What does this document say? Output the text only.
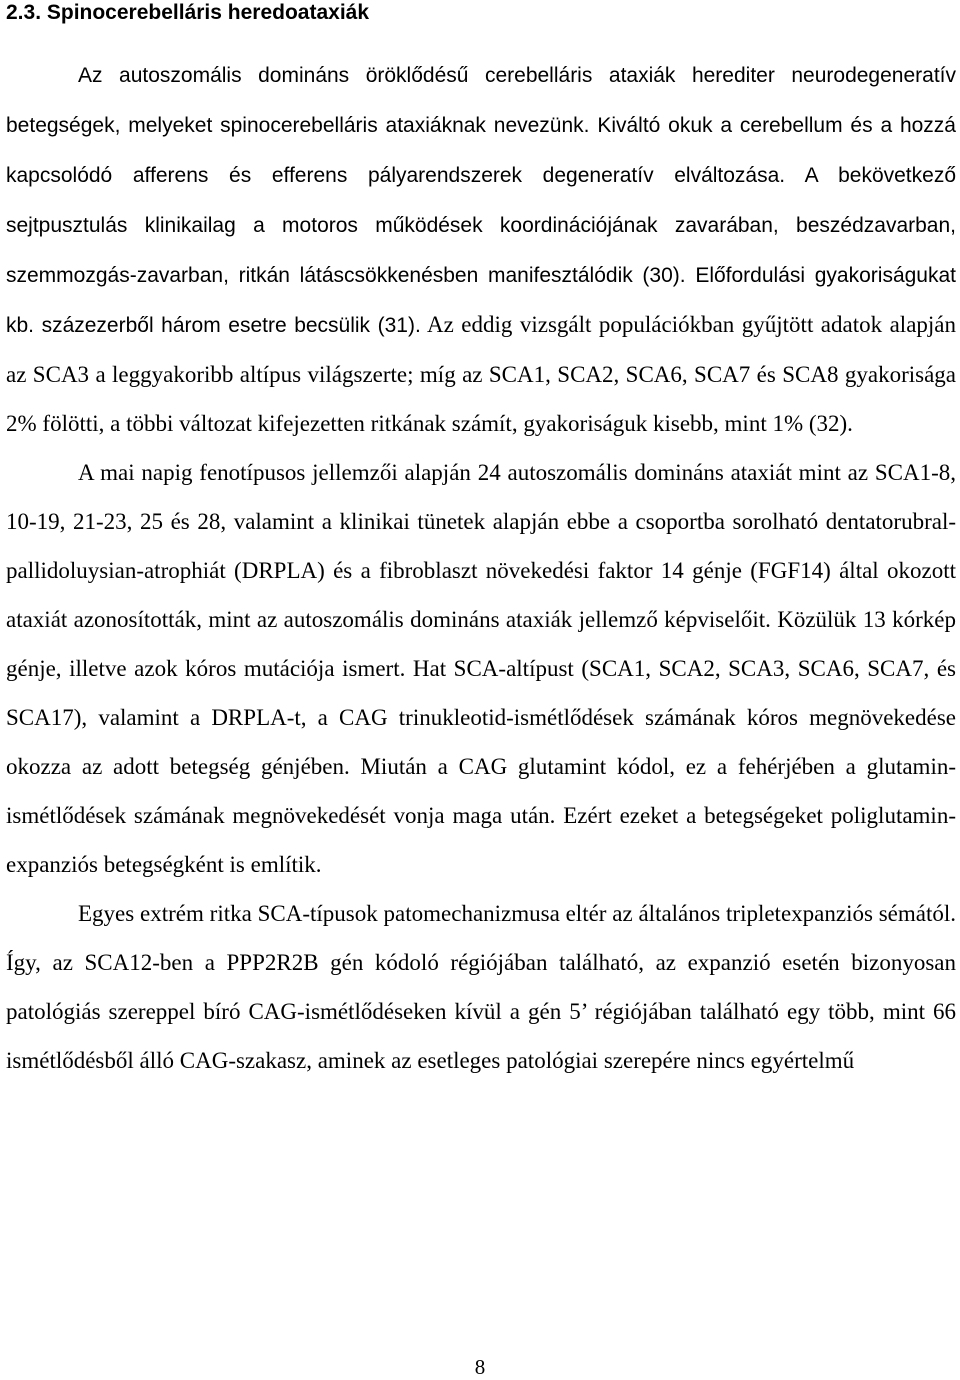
2.3. Spinocerebelláris heredoataxiák

Az autoszomális domináns öröklődésű cerebelláris ataxiák herediter neurodegeneratív betegségek, melyeket spinocerebelláris ataxiáknak nevezünk. Kiváltó okuk a cerebellum és a hozzá kapcsolódó afferens és efferens pályarendszerek degeneratív elváltozása. A bekövetkező sejtpusztulás klinikailag a motoros működések koordinációjának zavarában, beszédzavarban, szemmozgás-zavarban, ritkán látáscsökkenésben manifesztálódik (30). Előfordulási gyakoriságukat kb. százezerből három esetre becsülik (31). Az eddig vizsgált populációkban gyűjtött adatok alapján az SCA3 a leggyakoribb altípus világszerte; míg az SCA1, SCA2, SCA6, SCA7 és SCA8 gyakorisága 2% fölötti, a többi változat kifejezetten ritkának számít, gyakoriságuk kisebb, mint 1% (32).

A mai napig fenotípusos jellemzői alapján 24 autoszomális domináns ataxiát mint az SCA1-8, 10-19, 21-23, 25 és 28, valamint a klinikai tünetek alapján ebbe a csoportba sorolható dentatorubral-pallidoluysian-atrophiát (DRPLA) és a fibroblaszt növekedési faktor 14 génje (FGF14) által okozott ataxiát azonosították, mint az autoszomális domináns ataxiák jellemző képviselőit. Közülük 13 kórkép génje, illetve azok kóros mutációja ismert. Hat SCA-altípust (SCA1, SCA2, SCA3, SCA6, SCA7, és SCA17), valamint a DRPLA-t, a CAG trinukleotid-ismétlődések számának kóros megnövekedése okozza az adott betegség génjében. Miután a CAG glutamint kódol, ez a fehérjében a glutamin-ismétlődések számának megnövekedését vonja maga után. Ezért ezeket a betegségeket poliglutamin-expanziós betegségként is említik.

Egyes extrém ritka SCA-típusok patomechanizmusa eltér az általános tripletexpanziós sémától. Így, az SCA12-ben a PPP2R2B gén kódoló régiójában található, az expanzió esetén bizonyosan patológiás szereppel bíró CAG-ismétlődéseken kívül a gén 5’ régiójában található egy több, mint 66 ismétlődésből álló CAG-szakasz, aminek az esetleges patológiai szerepére nincs egyértelmű

8
